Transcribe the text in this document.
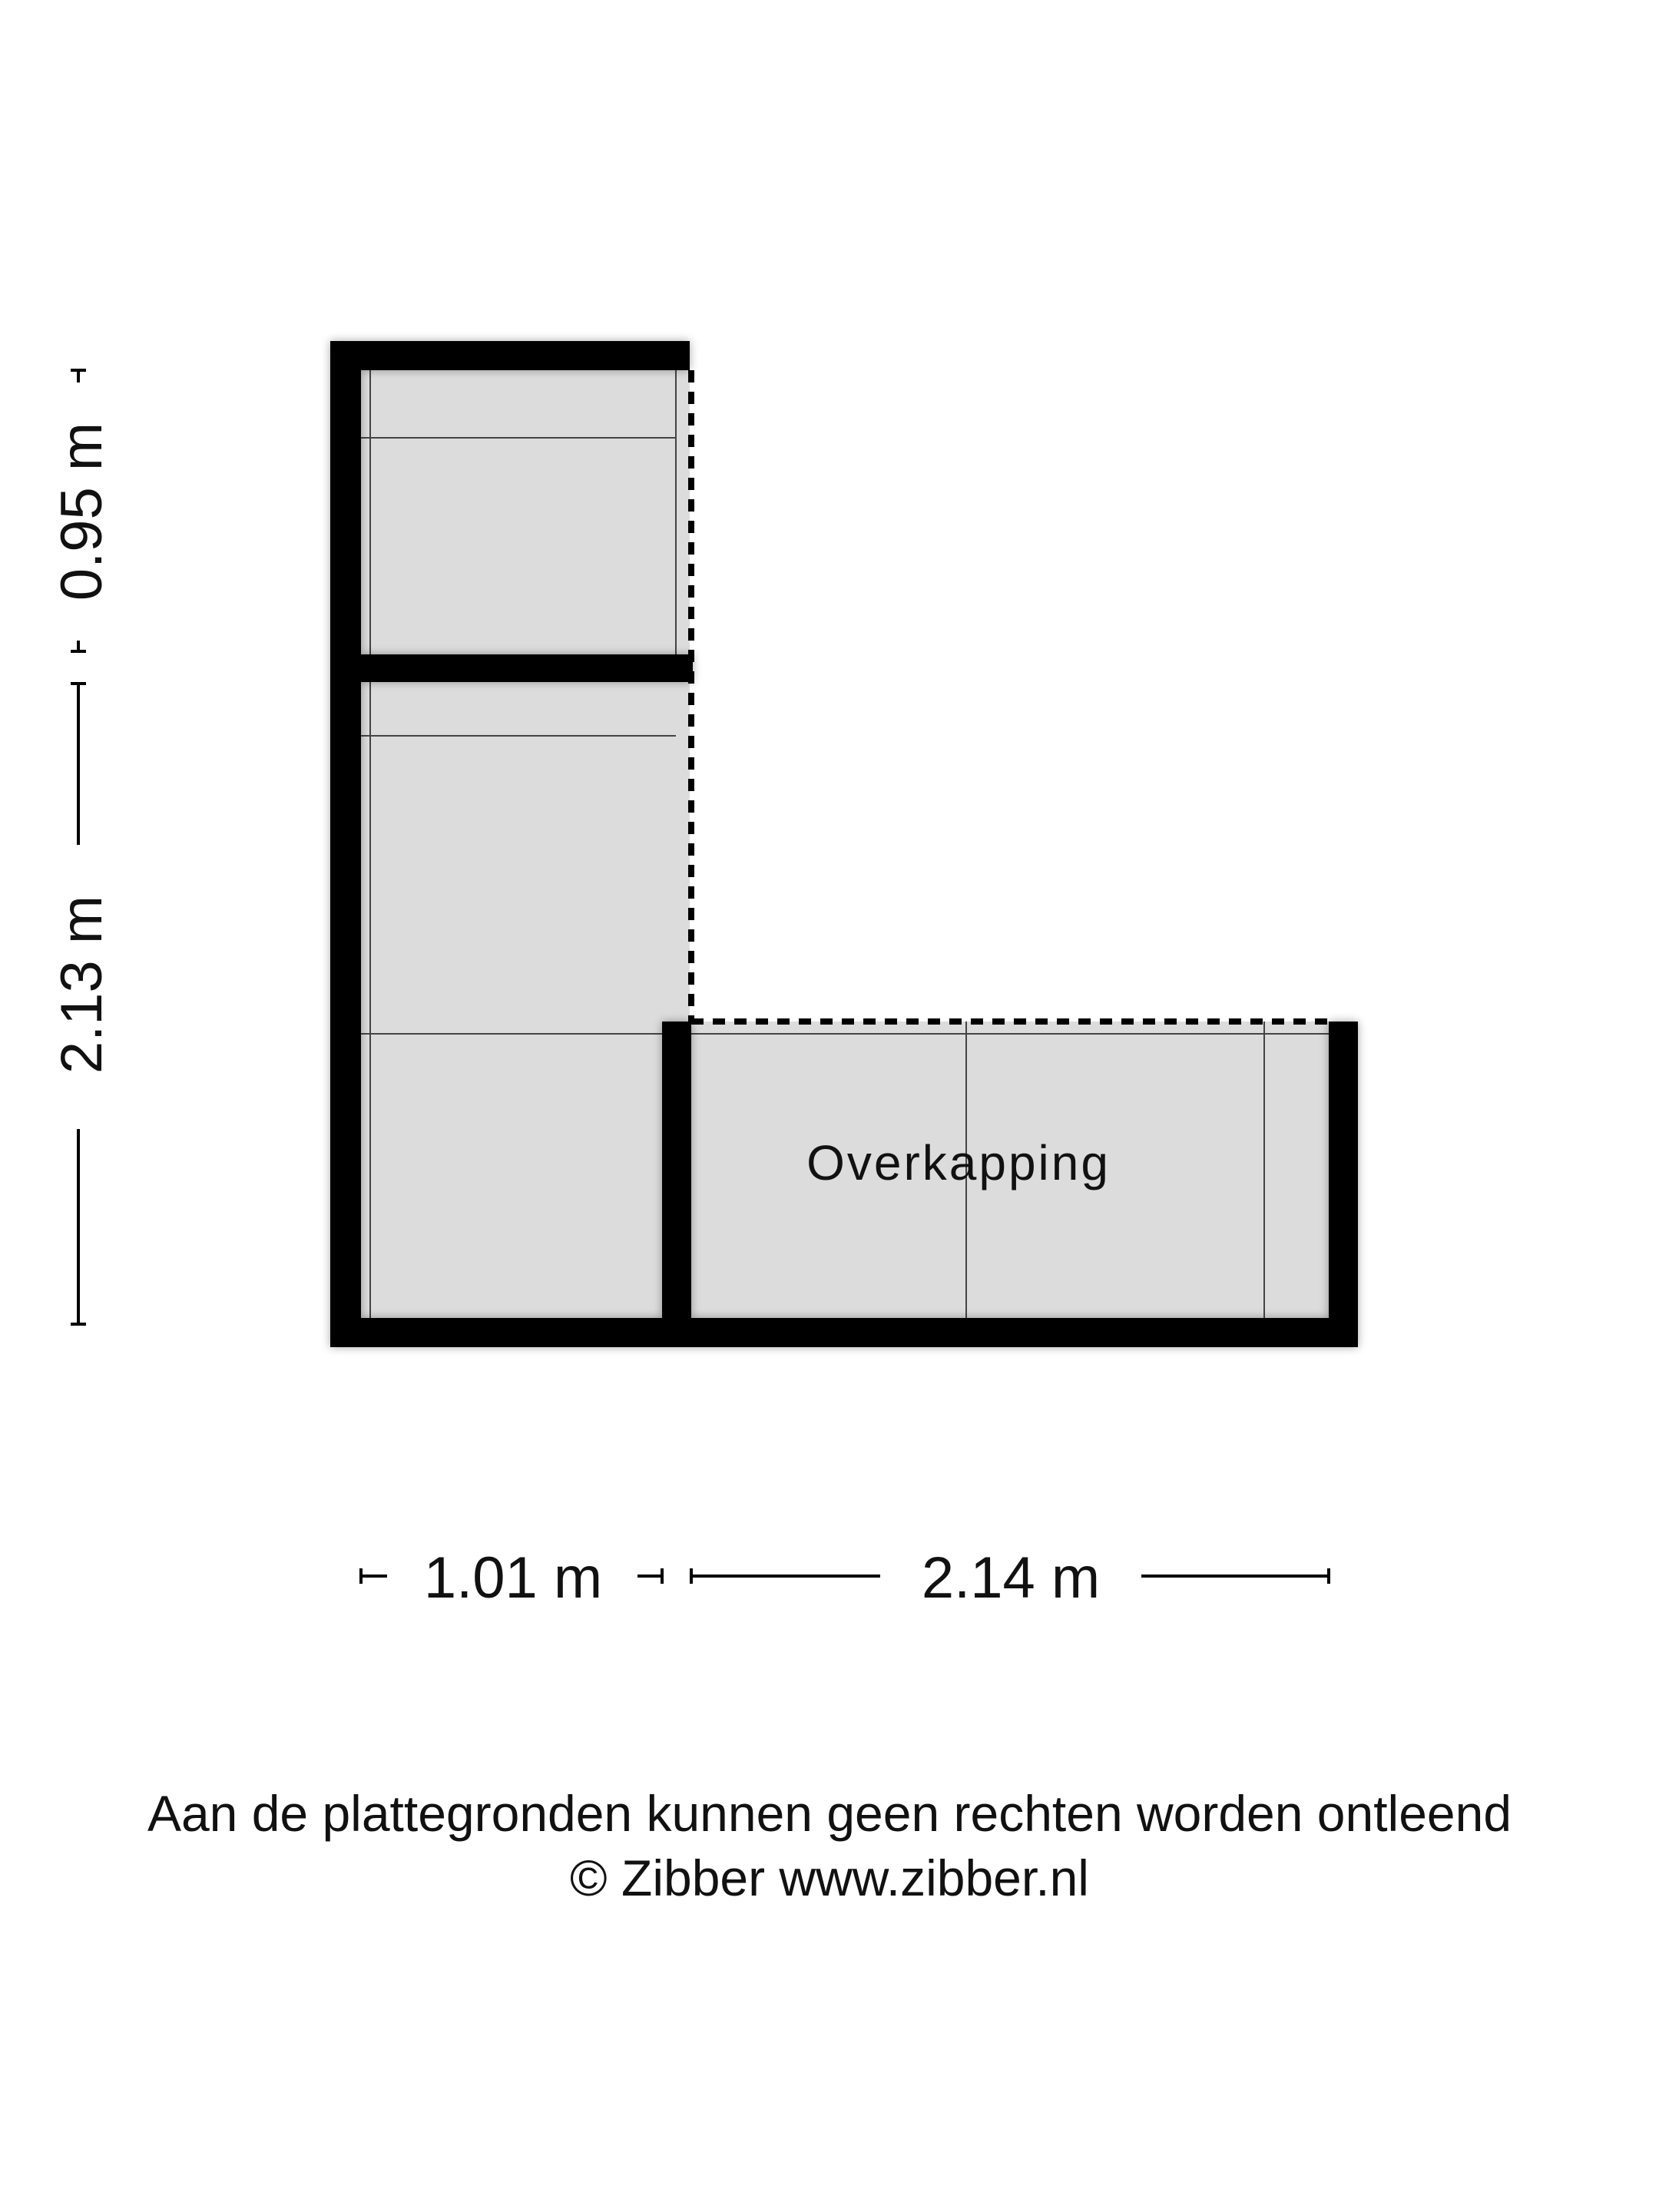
Overkapping
0.95 m
2.13 m
1.01 m	2.14 m
Aan de plattegronden kunnen geen rechten worden ontleend
© Zibber www.zibber.nl
